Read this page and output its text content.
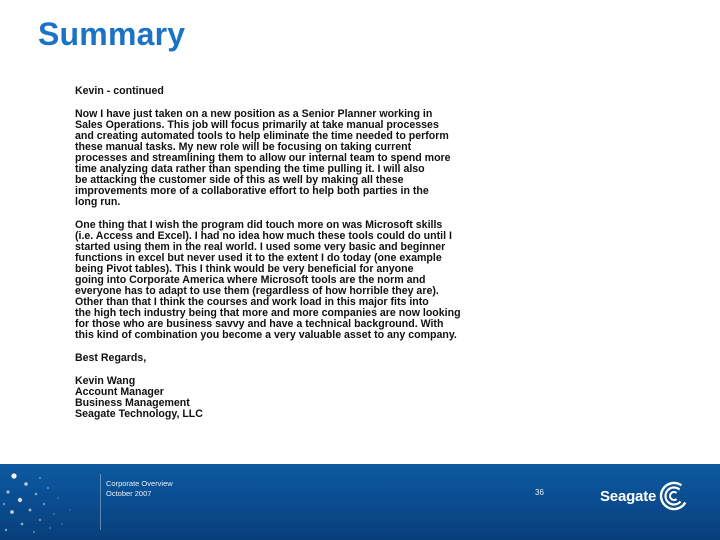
Summary

Kevin - continued

Now I have just taken on a new position as a Senior Planner working in
Sales Operations. This job will focus primarily at take manual processes
and creating automated tools to help eliminate the time needed to perform
these manual tasks. My new role will be focusing on taking current
processes and streamlining them to allow our internal team to spend more
time analyzing data rather than spending the time pulling it. I will also
be attacking the customer side of this as well by making all these
improvements more of a collaborative effort to help both parties in the
long run.

One thing that I wish the program did touch more on was Microsoft skills
(i.e. Access and Excel). I had no idea how much these tools could do until I
started using them in the real world. I used some very basic and beginner
functions in excel but never used it to the extent I do today (one example
being Pivot tables). This I think would be very beneficial for anyone
going into Corporate America where Microsoft tools are the norm and
everyone has to adapt to use them (regardless of how horrible they are).
Other than that I think the courses and work load in this major fits into
the high tech industry being that more and more companies are now looking
for those who are business savvy and have a technical background. With
this kind of combination you become a very valuable asset to any company.

Best Regards,

Kevin Wang
Account Manager
Business Management
Seagate Technology, LLC
Corporate Overview
October 2007	36	Seagate
